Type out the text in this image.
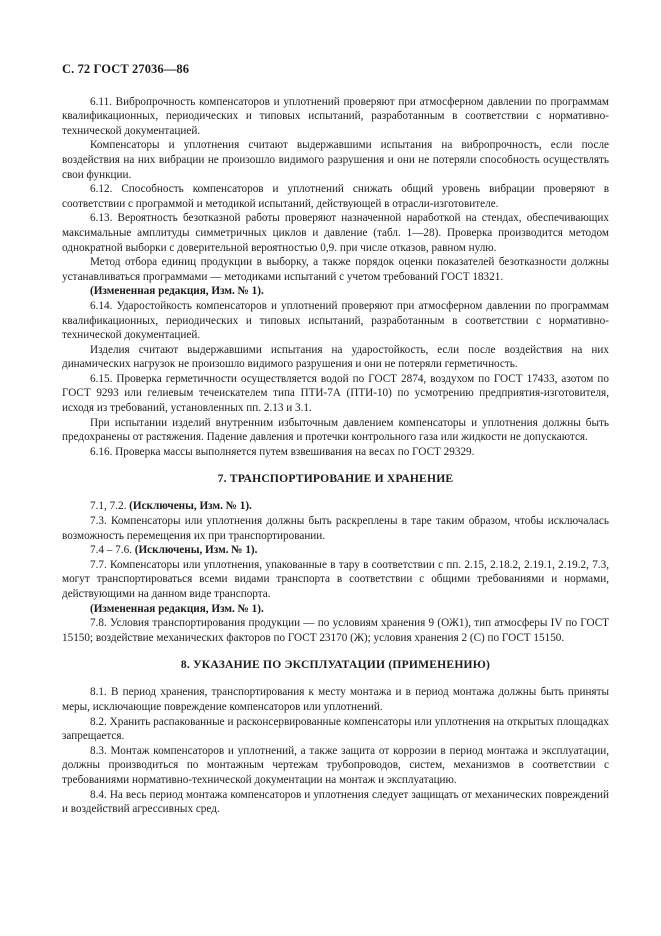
С. 72 ГОСТ 27036—86

6.11. Вибропрочность компенсаторов и уплотнений проверяют при атмосферном давлении по программам квалификационных, периодических и типовых испытаний, разработанным в соответствии с нормативно-технической документацией.

Компенсаторы и уплотнения считают выдержавшими испытания на вибропрочность, если после воздействия на них вибрации не произошло видимого разрушения и они не потеряли способность осуществлять свои функции.

6.12. Способность компенсаторов и уплотнений снижать общий уровень вибрации проверяют в соответствии с программой и методикой испытаний, действующей в отрасли-изготовителе.

6.13. Вероятность безотказной работы проверяют назначенной наработкой на стендах, обеспечивающих максимальные амплитуды симметричных циклов и давление (табл. 1—28). Проверка производится методом однократной выборки с доверительной вероятностью 0,9. при числе отказов, равном нулю.

Метод отбора единиц продукции в выборку, а также порядок оценки показателей безотказности должны устанавливаться программами — методиками испытаний с учетом требований ГОСТ 18321.

(Измененная редакция, Изм. № 1).

6.14. Ударостойкость компенсаторов и уплотнений проверяют при атмосферном давлении по программам квалификационных, периодических и типовых испытаний, разработанным в соответствии с нормативно-технической документацией.

Изделия считают выдержавшими испытания на ударостойкость, если после воздействия на них динамических нагрузок не произошло видимого разрушения и они не потеряли герметичность.

6.15. Проверка герметичности осуществляется водой по ГОСТ 2874, воздухом по ГОСТ 17433, азотом по ГОСТ 9293 или гелиевым течеискателем типа ПТИ-7А (ПТИ-10) по усмотрению предприятия-изготовителя, исходя из требований, установленных пп. 2.13 и 3.1.

При испытании изделий внутренним избыточным давлением компенсаторы и уплотнения должны быть предохранены от растяжения. Падение давления и протечки контрольного газа или жидкости не допускаются.

6.16. Проверка массы выполняется путем взвешивания на весах по ГОСТ 29329.

7. ТРАНСПОРТИРОВАНИЕ И ХРАНЕНИЕ

7.1, 7.2. (Исключены, Изм. № 1).

7.3. Компенсаторы или уплотнения должны быть раскреплены в таре таким образом, чтобы исключалась возможность перемещения их при транспортировании.

7.4 – 7.6. (Исключены, Изм. № 1).

7.7. Компенсаторы или уплотнения, упакованные в тару в соответствии с пп. 2.15, 2.18.2, 2.19.1, 2.19.2, 7.3, могут транспортироваться всеми видами транспорта в соответствии с общими требованиями и нормами, действующими на данном виде транспорта.

(Измененная редакция, Изм. № 1).

7.8. Условия транспортирования продукции — по условиям хранения 9 (ОЖ1), тип атмосферы IV по ГОСТ 15150; воздействие механических факторов по ГОСТ 23170 (Ж); условия хранения 2 (С) по ГОСТ 15150.

8. УКАЗАНИЕ ПО ЭКСПЛУАТАЦИИ (ПРИМЕНЕНИЮ)

8.1. В период хранения, транспортирования к месту монтажа и в период монтажа должны быть приняты меры, исключающие повреждение компенсаторов или уплотнений.

8.2. Хранить распакованные и расконсервированные компенсаторы или уплотнения на открытых площадках запрещается.

8.3. Монтаж компенсаторов и уплотнений, а также защита от коррозии в период монтажа и эксплуатации, должны производиться по монтажным чертежам трубопроводов, систем, механизмов в соответствии с требованиями нормативно-технической документации на монтаж и эксплуатацию.

8.4. На весь период монтажа компенсаторов и уплотнения следует защищать от механических повреждений и воздействий агрессивных сред.
